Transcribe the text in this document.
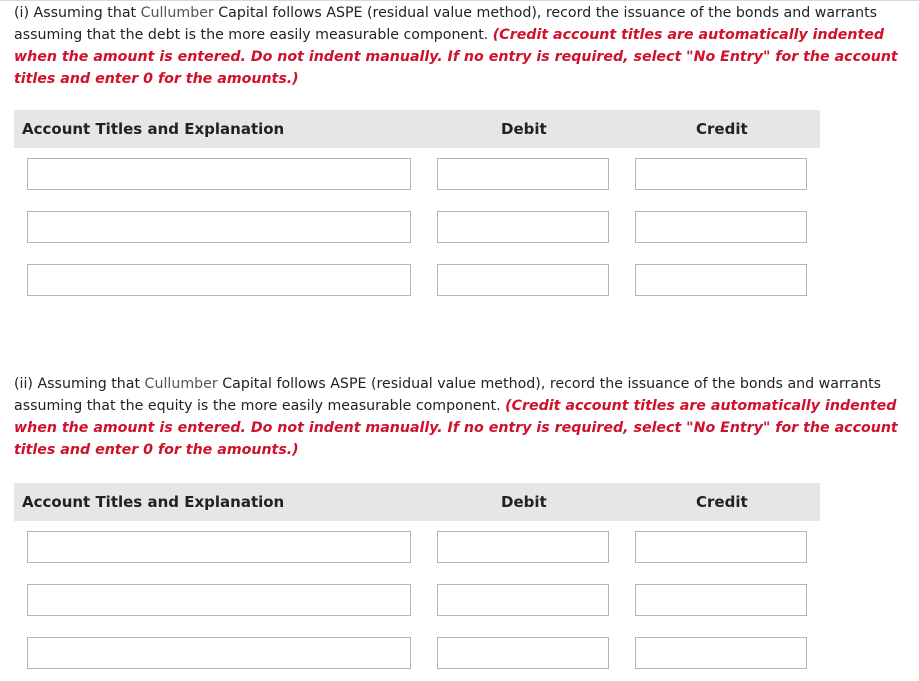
(i) Assuming that Cullumber Capital follows ASPE (residual value method), record the issuance of the bonds and warrants assuming that the debt is the more easily measurable component. (Credit account titles are automatically indented when the amount is entered. Do not indent manually. If no entry is required, select "No Entry" for the account titles and enter 0 for the amounts.)

Account Titles and Explanation	Debit	Credit

(ii) Assuming that Cullumber Capital follows ASPE (residual value method), record the issuance of the bonds and warrants assuming that the equity is the more easily measurable component. (Credit account titles are automatically indented when the amount is entered. Do not indent manually. If no entry is required, select "No Entry" for the account titles and enter 0 for the amounts.)

Account Titles and Explanation	Debit	Credit
